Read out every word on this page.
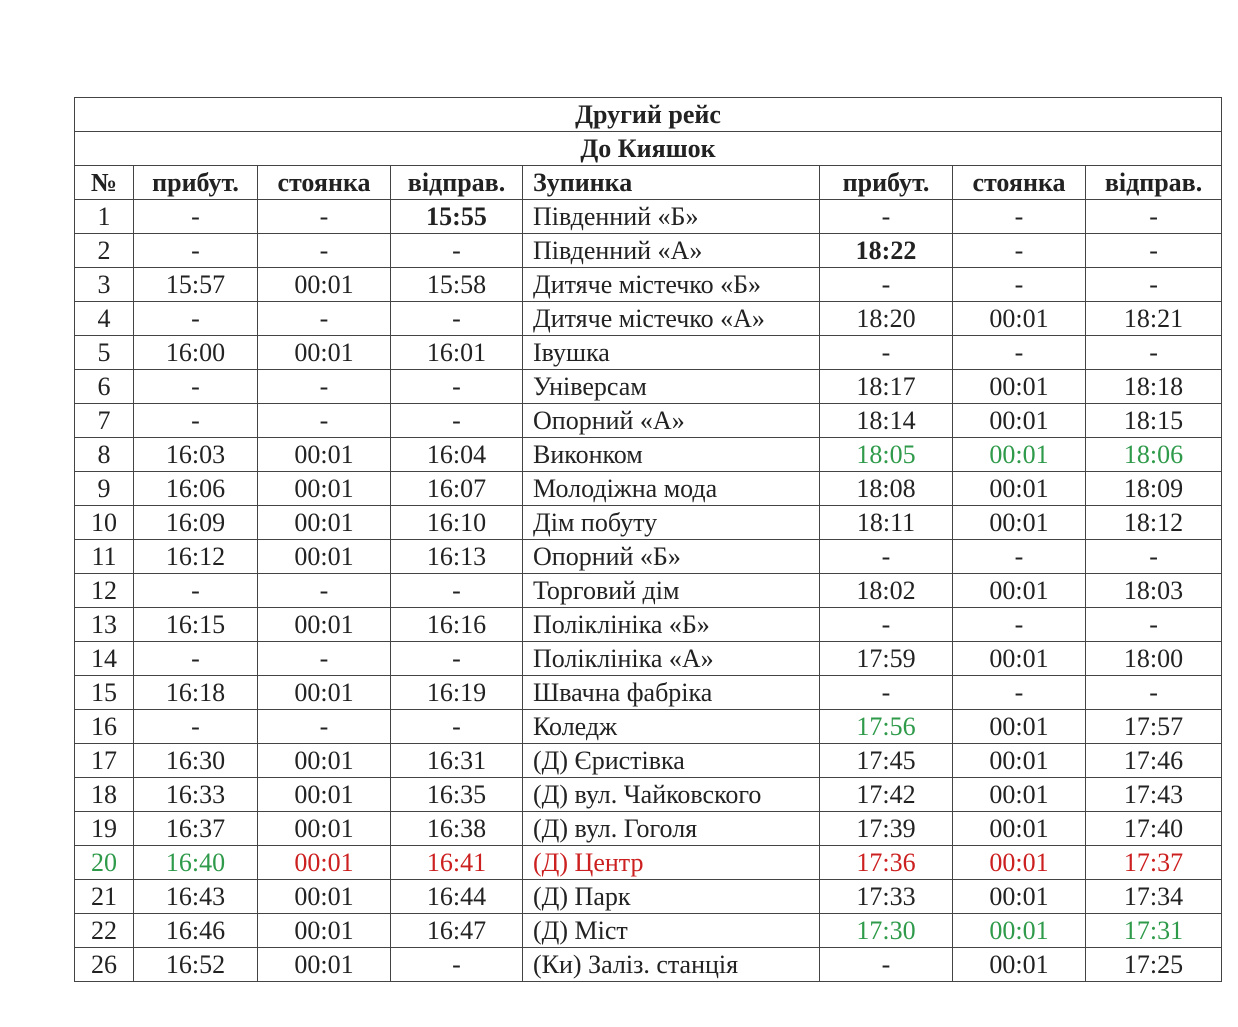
Другий рейс							
До Кияшок							
№	прибут.	стоянка	відправ.	Зупинка	прибут.	стоянка	відправ.
1	-	-	15:55	Південний «Б»	-	-	-
2	-	-	-	Південний «А»	18:22	-	-
3	15:57	00:01	15:58	Дитяче містечко «Б»	-	-	-
4	-	-	-	Дитяче містечко «А»	18:20	00:01	18:21
5	16:00	00:01	16:01	Івушка	-	-	-
6	-	-	-	Універсам	18:17	00:01	18:18
7	-	-	-	Опорний «А»	18:14	00:01	18:15
8	16:03	00:01	16:04	Виконком	18:05	00:01	18:06
9	16:06	00:01	16:07	Молодіжна мода	18:08	00:01	18:09
10	16:09	00:01	16:10	Дім побуту	18:11	00:01	18:12
11	16:12	00:01	16:13	Опорний «Б»	-	-	-
12	-	-	-	Торговий дім	18:02	00:01	18:03
13	16:15	00:01	16:16	Поліклініка «Б»	-	-	-
14	-	-	-	Поліклініка «А»	17:59	00:01	18:00
15	16:18	00:01	16:19	Швачна фабріка	-	-	-
16	-	-	-	Коледж	17:56	00:01	17:57
17	16:30	00:01	16:31	(Д) Єристівка	17:45	00:01	17:46
18	16:33	00:01	16:35	(Д) вул. Чайковского	17:42	00:01	17:43
19	16:37	00:01	16:38	(Д) вул. Гоголя	17:39	00:01	17:40
20	16:40	00:01	16:41	(Д) Центр	17:36	00:01	17:37
21	16:43	00:01	16:44	(Д) Парк	17:33	00:01	17:34
22	16:46	00:01	16:47	(Д) Міст	17:30	00:01	17:31
26	16:52	00:01	-	(Ки) Заліз. станція	-	00:01	17:25
